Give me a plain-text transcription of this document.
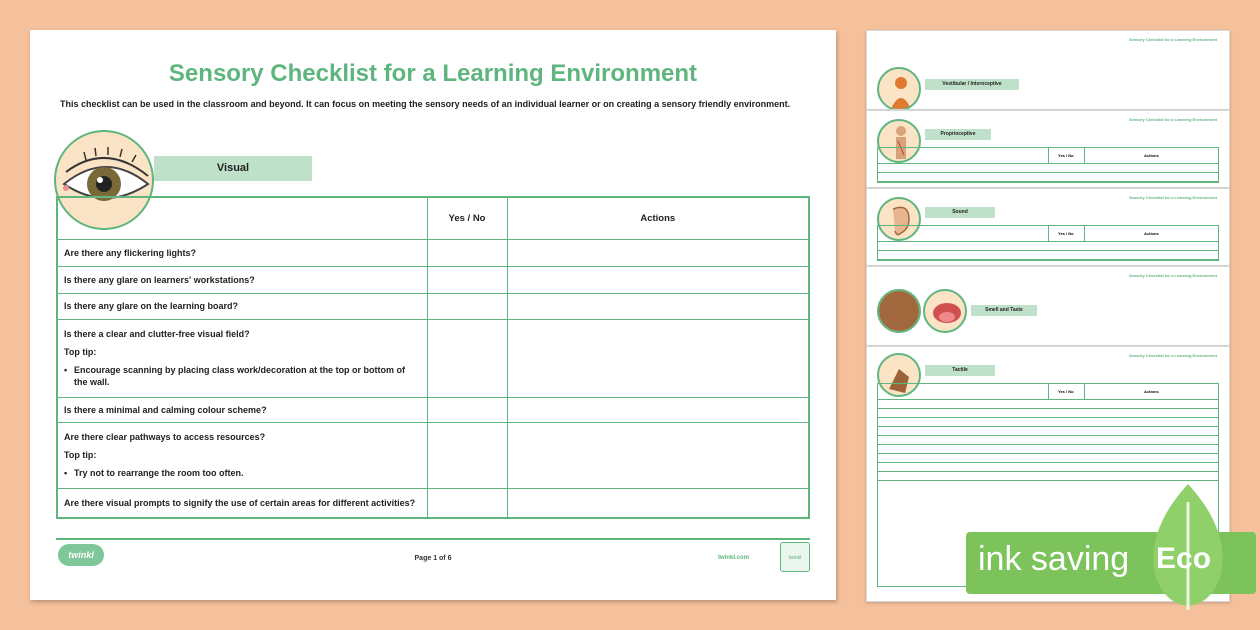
Sensory Checklist for a Learning Environment
This checklist can be used in the classroom and beyond. It can focus on meeting the sensory needs of an individual learner or on creating a sensory friendly environment.
Visual
	Yes / No	Actions
Are there any flickering lights?		
Is there any glare on learners' workstations?		
Is there any glare on the learning board?		

Is there a clear and clutter-free visual field?
Top tip:
• Encourage scanning by placing class work/decoration at the top or bottom of the wall.

Is there a minimal and calming colour scheme?		

Are there clear pathways to access resources?
Top tip:
• Try not to rearrange the room too often.

Are there visual prompts to signify the use of certain areas for different activities?		
twinkl	Page 1 of 6	twinkl.com	twinkl
Sensory Checklist for a Learning Environment
Vestibular / Interoceptive
Sensory Checklist for a Learning Environment
Proprioceptive
Yes / No	Actions
Sensory Checklist for a Learning Environment
Sound
Yes / No	Actions
Sensory Checklist for a Learning Environment
Smell and Taste
Sensory Checklist for a Learning Environment
Tactile
Yes / No	Actions
ink saving Eco
